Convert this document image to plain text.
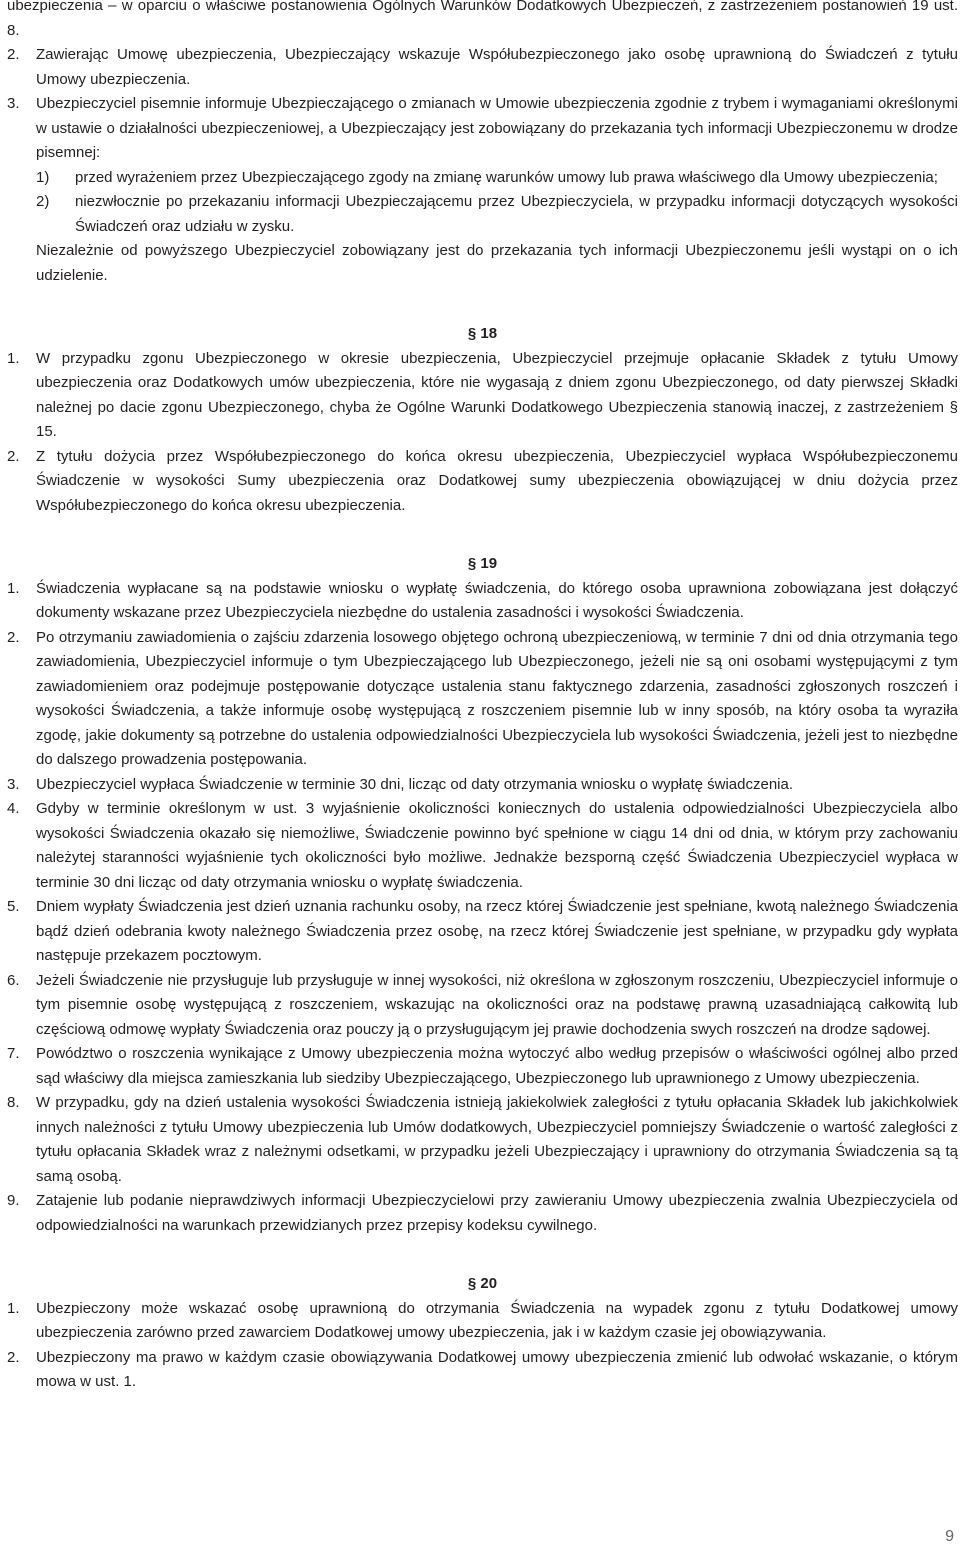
ubezpieczenia – w oparciu o właściwe postanowienia Ogólnych Warunków Dodatkowych Ubezpieczeń, z zastrzeżeniem postanowień 19 ust. 8.
2. Zawierając Umowę ubezpieczenia, Ubezpieczający wskazuje Współubezpieczonego jako osobę uprawnioną do Świadczeń z tytułu Umowy ubezpieczenia.
3. Ubezpieczyciel pisemnie informuje Ubezpieczającego o zmianach w Umowie ubezpieczenia zgodnie z trybem i wymaganiami określonymi w ustawie o działalności ubezpieczeniowej, a Ubezpieczający jest zobowiązany do przekazania tych informacji Ubezpieczonemu w drodze pisemnej:
1) przed wyrażeniem przez Ubezpieczającego zgody na zmianę warunków umowy lub prawa właściwego dla Umowy ubezpieczenia;
2) niezwłocznie po przekazaniu informacji Ubezpieczającemu przez Ubezpieczyciela, w przypadku informacji dotyczących wysokości Świadczeń oraz udziału w zysku.
Niezależnie od powyższego Ubezpieczyciel zobowiązany jest do przekazania tych informacji Ubezpieczonemu jeśli wystąpi on o ich udzielenie.
§ 18
1. W przypadku zgonu Ubezpieczonego w okresie ubezpieczenia, Ubezpieczyciel przejmuje opłacanie Składek z tytułu Umowy ubezpieczenia oraz Dodatkowych umów ubezpieczenia, które nie wygasają z dniem zgonu Ubezpieczonego, od daty pierwszej Składki należnej po dacie zgonu Ubezpieczonego, chyba że Ogólne Warunki Dodatkowego Ubezpieczenia stanowią inaczej, z zastrzeżeniem § 15.
2. Z tytułu dożycia przez Współubezpieczonego do końca okresu ubezpieczenia, Ubezpieczyciel wypłaca Współubezpieczonemu Świadczenie w wysokości Sumy ubezpieczenia oraz Dodatkowej sumy ubezpieczenia obowiązującej w dniu dożycia przez Współubezpieczonego do końca okresu ubezpieczenia.
§ 19
1. Świadczenia wypłacane są na podstawie wniosku o wypłatę świadczenia, do którego osoba uprawniona zobowiązana jest dołączyć dokumenty wskazane przez Ubezpieczyciela niezbędne do ustalenia zasadności i wysokości Świadczenia.
2. Po otrzymaniu zawiadomienia o zajściu zdarzenia losowego objętego ochroną ubezpieczeniową, w terminie 7 dni od dnia otrzymania tego zawiadomienia, Ubezpieczyciel informuje o tym Ubezpieczającego lub Ubezpieczonego, jeżeli nie są oni osobami występującymi z tym zawiadomieniem oraz podejmuje postępowanie dotyczące ustalenia stanu faktycznego zdarzenia, zasadności zgłoszonych roszczeń i wysokości Świadczenia, a także informuje osobę występującą z roszczeniem pisemnie lub w inny sposób, na który osoba ta wyraziła zgodę, jakie dokumenty są potrzebne do ustalenia odpowiedzialności Ubezpieczyciela lub wysokości Świadczenia, jeżeli jest to niezbędne do dalszego prowadzenia postępowania.
3. Ubezpieczyciel wypłaca Świadczenie w terminie 30 dni, licząc od daty otrzymania wniosku o wypłatę świadczenia.
4. Gdyby w terminie określonym w ust. 3 wyjaśnienie okoliczności koniecznych do ustalenia odpowiedzialności Ubezpieczyciela albo wysokości Świadczenia okazało się niemożliwe, Świadczenie powinno być spełnione w ciągu 14 dni od dnia, w którym przy zachowaniu należytej staranności wyjaśnienie tych okoliczności było możliwe. Jednakże bezsporną część Świadczenia Ubezpieczyciel wypłaca w terminie 30 dni licząc od daty otrzymania wniosku o wypłatę świadczenia.
5. Dniem wypłaty Świadczenia jest dzień uznania rachunku osoby, na rzecz której Świadczenie jest spełniane, kwotą należnego Świadczenia bądź dzień odebrania kwoty należnego Świadczenia przez osobę, na rzecz której Świadczenie jest spełniane, w przypadku gdy wypłata następuje przekazem pocztowym.
6. Jeżeli Świadczenie nie przysługuje lub przysługuje w innej wysokości, niż określona w zgłoszonym roszczeniu, Ubezpieczyciel informuje o tym pisemnie osobę występującą z roszczeniem, wskazując na okoliczności oraz na podstawę prawną uzasadniającą całkowitą lub częściową odmowę wypłaty Świadczenia oraz pouczy ją o przysługującym jej prawie dochodzenia swych roszczeń na drodze sądowej.
7. Powództwo o roszczenia wynikające z Umowy ubezpieczenia można wytoczyć albo według przepisów o właściwości ogólnej albo przed sąd właściwy dla miejsca zamieszkania lub siedziby Ubezpieczającego, Ubezpieczonego lub uprawnionego z Umowy ubezpieczenia.
8. W przypadku, gdy na dzień ustalenia wysokości Świadczenia istnieją jakiekolwiek zaległości z tytułu opłacania Składek lub jakichkolwiek innych należności z tytułu Umowy ubezpieczenia lub Umów dodatkowych, Ubezpieczyciel pomniejszy Świadczenie o wartość zaległości z tytułu opłacania Składek wraz z należnymi odsetkami, w przypadku jeżeli Ubezpieczający i uprawniony do otrzymania Świadczenia są tą samą osobą.
9. Zatajenie lub podanie nieprawdziwych informacji Ubezpieczycielowi przy zawieraniu Umowy ubezpieczenia zwalnia Ubezpieczyciela od odpowiedzialności na warunkach przewidzianych przez przepisy kodeksu cywilnego.
§ 20
1. Ubezpieczony może wskazać osobę uprawnioną do otrzymania Świadczenia na wypadek zgonu z tytułu Dodatkowej umowy ubezpieczenia zarówno przed zawarciem Dodatkowej umowy ubezpieczenia, jak i w każdym czasie jej obowiązywania.
2. Ubezpieczony ma prawo w każdym czasie obowiązywania Dodatkowej umowy ubezpieczenia zmienić lub odwołać wskazanie, o którym mowa w ust. 1.
9
